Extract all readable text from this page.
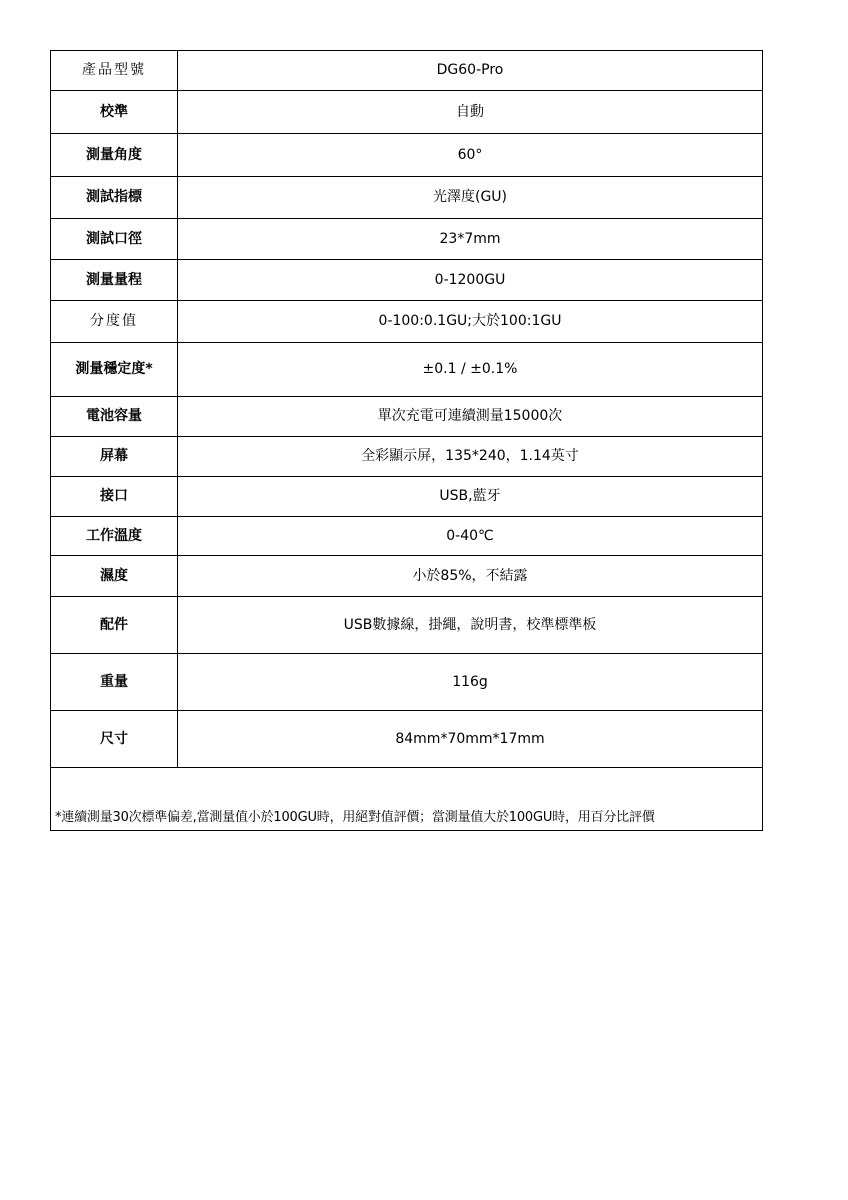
產品型號	DG60-Pro
校準	自動
測量角度	60°
測試指標	光澤度(GU)
測試口徑	23*7mm
測量量程	0-1200GU
分度值	0-100:0.1GU;大於100:1GU
測量穩定度*	±0.1 / ±0.1%
電池容量	單次充電可連續測量15000次
屏幕	全彩顯示屏，135*240，1.14英寸
接口	USB,藍牙
工作溫度	0-40℃
濕度	小於85%，不結露
配件	USB數據線，掛繩，說明書，校準標準板
重量	116g
尺寸	84mm*70mm*17mm

*連續測量30次標準偏差,當測量值小於100GU時，用絕對值評價；當測量值大於100GU時，用百分比評價	
